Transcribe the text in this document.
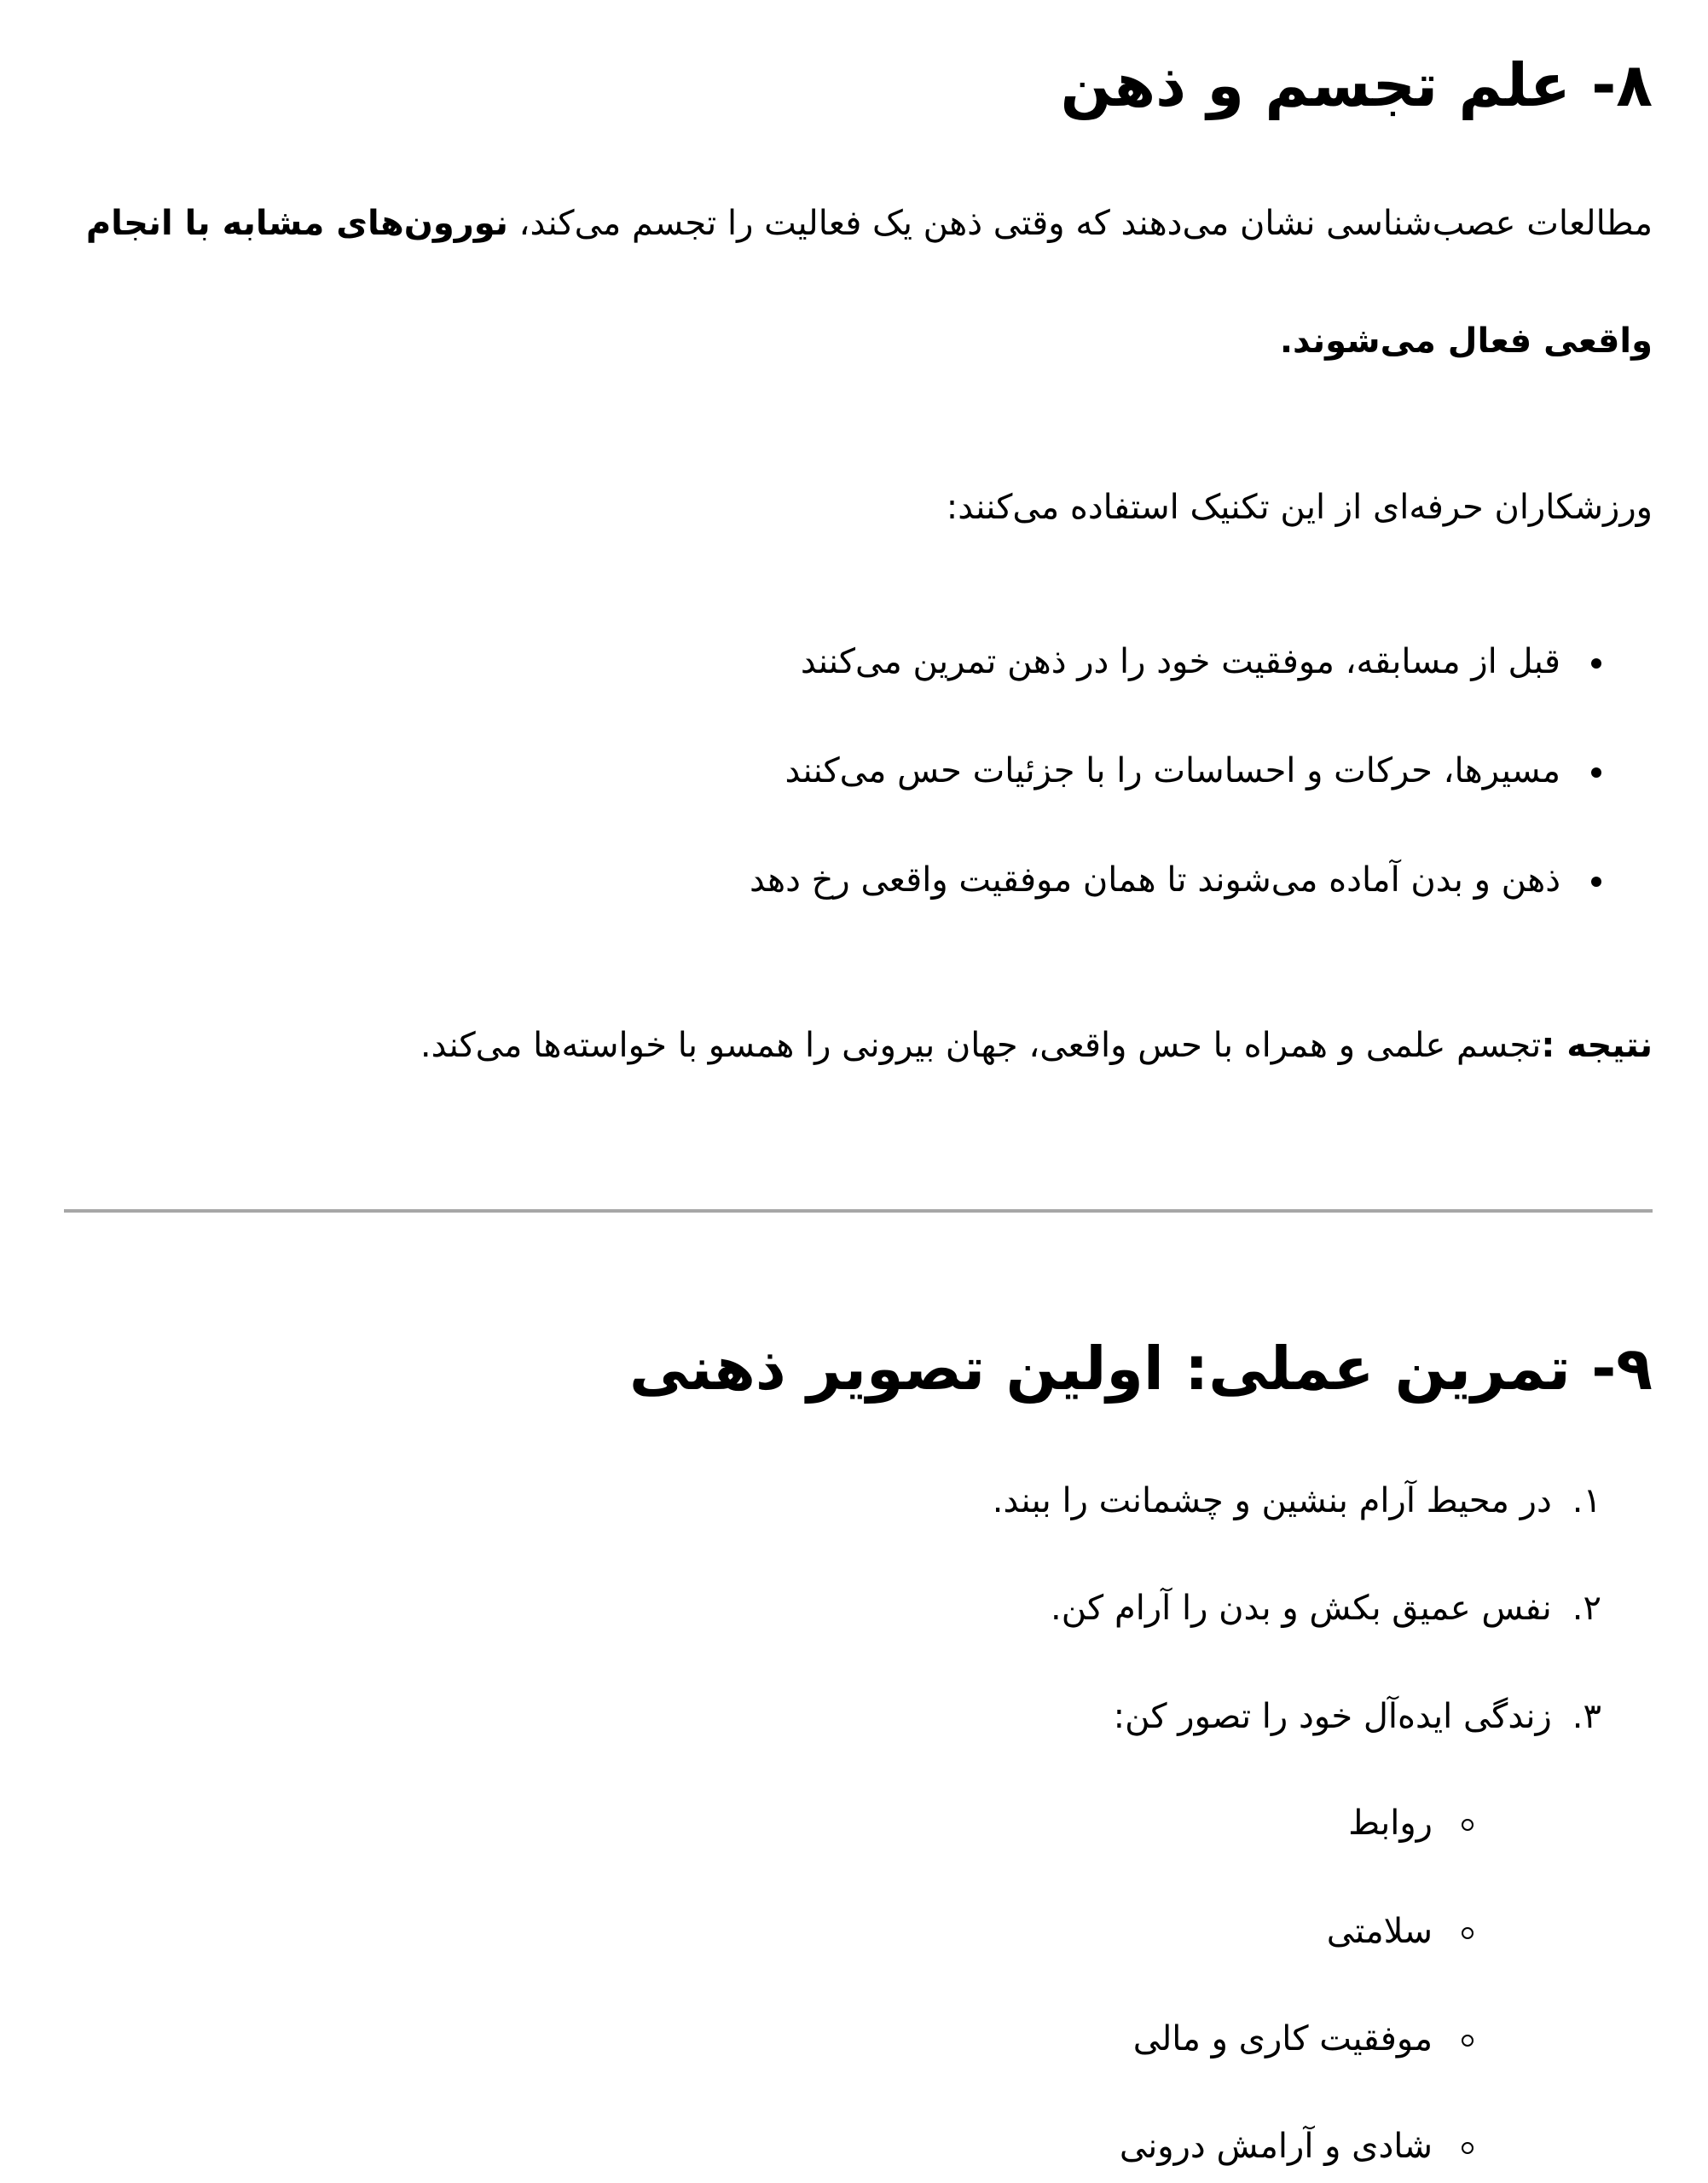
۸- علم تجسم و ذهن

مطالعات عصب‌شناسی نشان می‌دهند که وقتی ذهن یک فعالیت را تجسم می‌کند، نورون‌های مشابه با انجام

واقعی فعال می‌شوند.

ورزشکاران حرفه‌ای از این تکنیک استفاده می‌کنند:

قبل از مسابقه، موفقیت خود را در ذهن تمرین می‌کنند
مسیرها، حرکات و احساسات را با جزئیات حس می‌کنند
ذهن و بدن آماده می‌شوند تا همان موفقیت واقعی رخ دهد

نتیجه :تجسم علمی و همراه با حس واقعی، جهان بیرونی را همسو با خواسته‌ها می‌کند.

۹- تمرین عملی: اولین تصویر ذهنی
۱.در محیط آرام بنشین و چشمانت را ببند.
۲.نفس عمیق بکش و بدن را آرام کن.
۳.زندگی ایده‌آل خود را تصور کن:
روابط
سلامتی
موفقیت کاری و مالی
شادی و آرامش درونی
